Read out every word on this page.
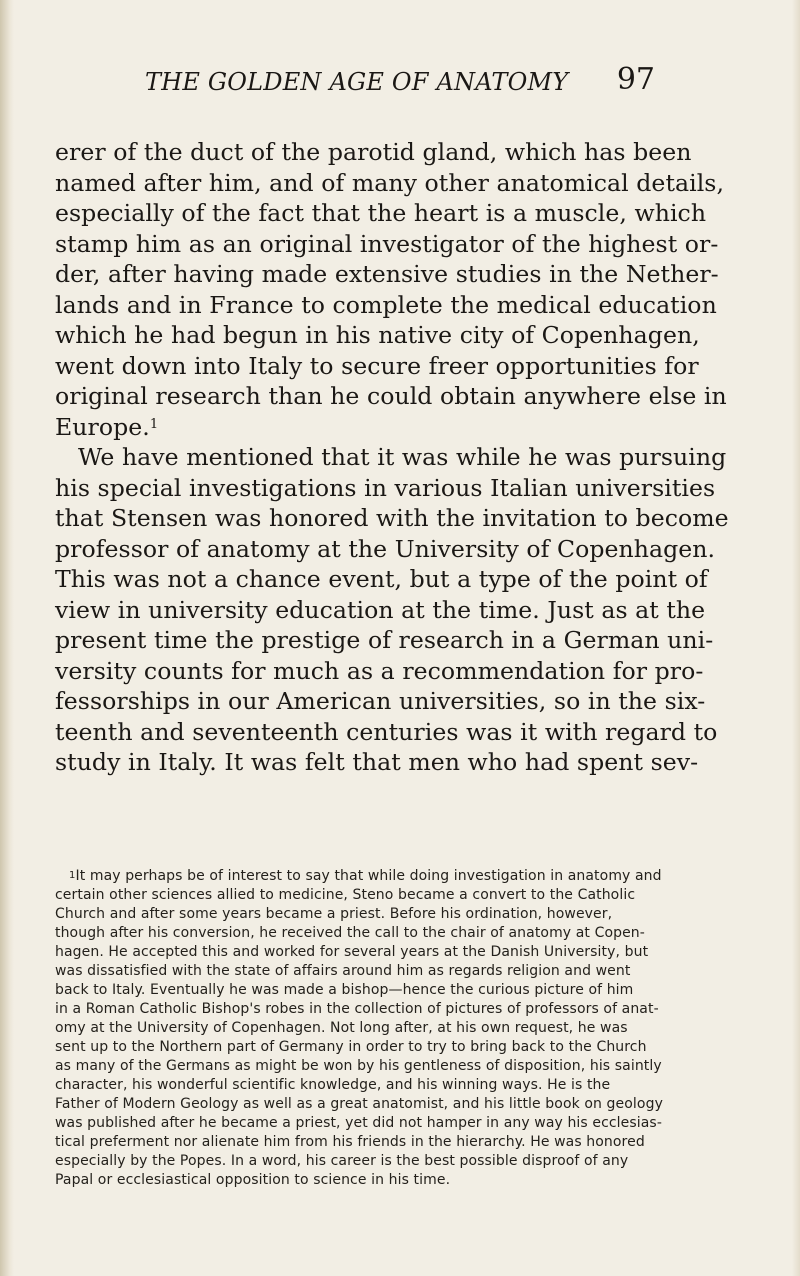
THE GOLDEN AGE OF ANATOMY 97
erer of the duct of the parotid gland, which has been
named after him, and of many other anatomical details,
especially of the fact that the heart is a muscle, which
stamp him as an original investigator of the highest or-
der, after having made extensive studies in the Nether-
lands and in France to complete the medical education
which he had begun in his native city of Copenhagen,
went down into Italy to secure freer opportunities for
original research than he could obtain anywhere else in
Europe.$^1$
We have mentioned that it was while he was pursuing
his special investigations in various Italian universities
that Stensen was honored with the invitation to become
professor of anatomy at the University of Copenhagen.
This was not a chance event, but a type of the point of
view in university education at the time. Just as at the
present time the prestige of research in a German uni-
versity counts for much as a recommendation for pro-
fessorships in our American universities, so in the six-
teenth and seventeenth centuries was it with regard to
study in Italy. It was felt that men who had spent sev-
$^1$It may perhaps be of interest to say that while doing investigation in anatomy and
certain other sciences allied to medicine, Steno became a convert to the Catholic
Church and after some years became a priest. Before his ordination, however,
though after his conversion, he received the call to the chair of anatomy at Copen-
hagen. He accepted this and worked for several years at the Danish University, but
was dissatisfied with the state of affairs around him as regards religion and went
back to Italy. Eventually he was made a bishop—hence the curious picture of him
in a Roman Catholic Bishop's robes in the collection of pictures of professors of anat-
omy at the University of Copenhagen. Not long after, at his own request, he was
sent up to the Northern part of Germany in order to try to bring back to the Church
as many of the Germans as might be won by his gentleness of disposition, his saintly
character, his wonderful scientific knowledge, and his winning ways. He is the
Father of Modern Geology as well as a great anatomist, and his little book on geology
was published after he became a priest, yet did not hamper in any way his ecclesias-
tical preferment nor alienate him from his friends in the hierarchy. He was honored
especially by the Popes. In a word, his career is the best possible disproof of any
Papal or ecclesiastical opposition to science in his time.
